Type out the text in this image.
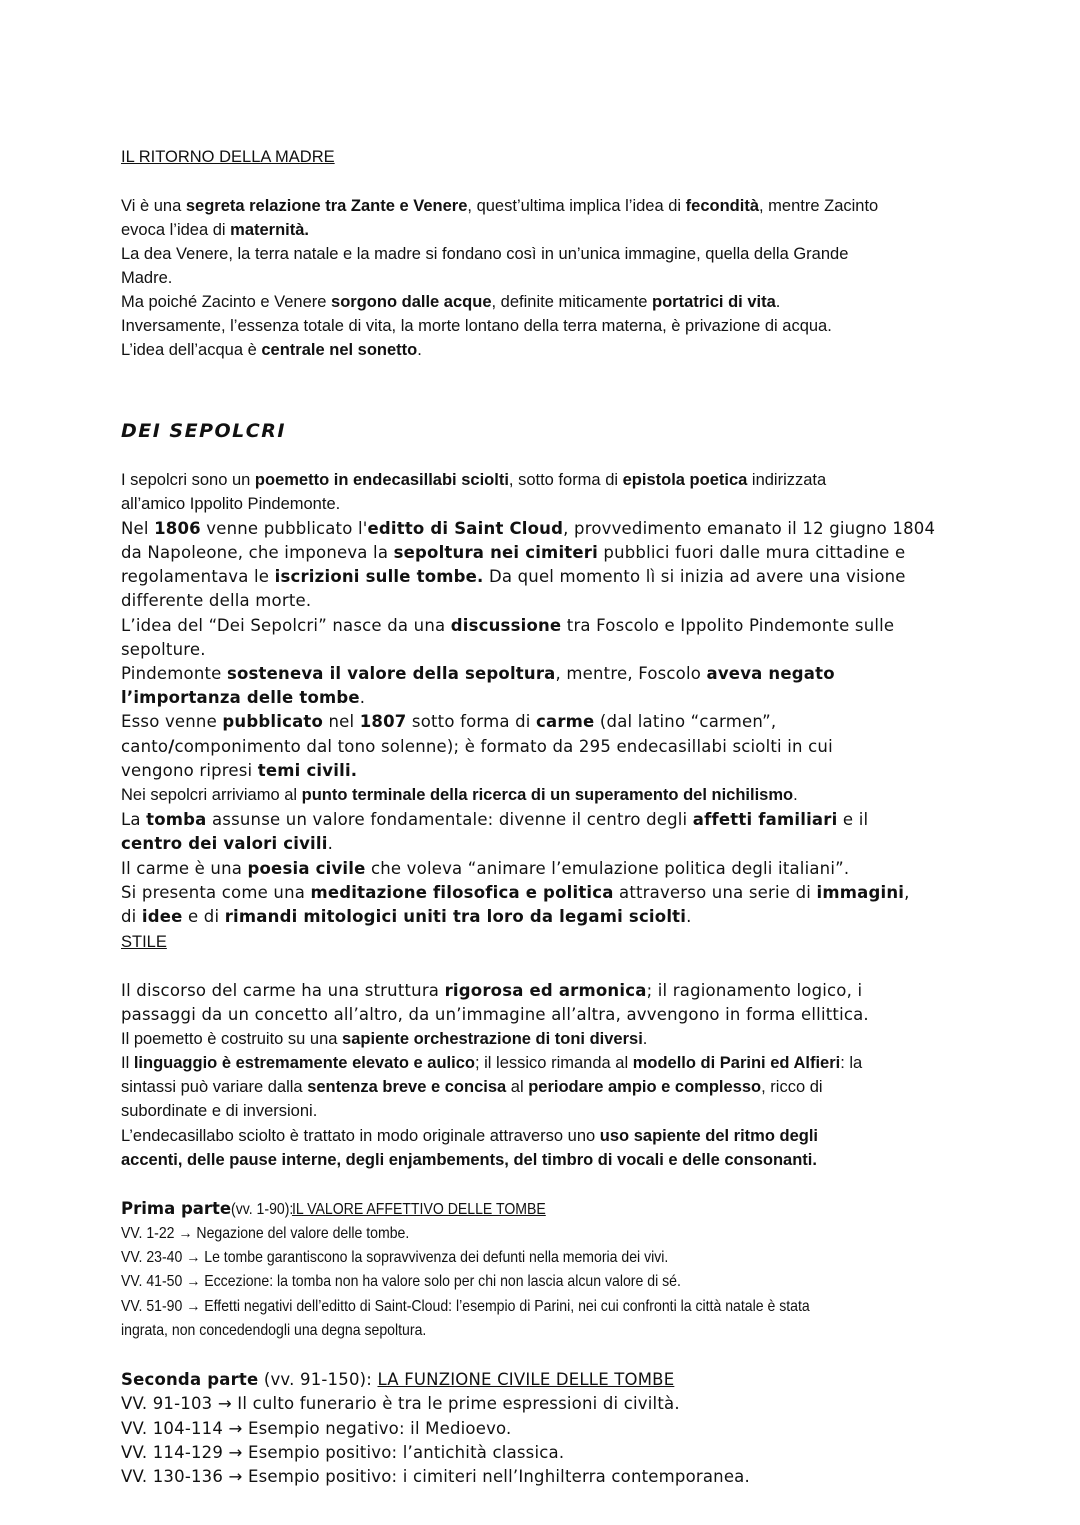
IL RITORNO DELLA MADRE
Vi è una segreta relazione tra Zante e Venere, quest’ultima implica l’idea di fecondità, mentre Zacinto
evoca l’idea di maternità.
La dea Venere, la terra natale e la madre si fondano così in un’unica immagine, quella della Grande
Madre.
Ma poiché Zacinto e Venere sorgono dalle acque, definite miticamente portatrici di vita.
Inversamente, l’essenza totale di vita, la morte lontano della terra materna, è privazione di acqua.
L’idea dell’acqua è centrale nel sonetto.
DEI SEPOLCRI
I sepolcri sono un poemetto in endecasillabi sciolti, sotto forma di epistola poetica indirizzata
all’amico Ippolito Pindemonte.
Nel 1806 venne pubblicato l'editto di Saint Cloud, provvedimento emanato il 12 giugno 1804
da Napoleone, che imponeva la sepoltura nei cimiteri pubblici fuori dalle mura cittadine e
regolamentava le iscrizioni sulle tombe. Da quel momento lì si inizia ad avere una visione
differente della morte.
L’idea del “Dei Sepolcri” nasce da una discussione tra Foscolo e Ippolito Pindemonte sulle
sepolture.
Pindemonte sosteneva il valore della sepoltura, mentre, Foscolo aveva negato
l’importanza delle tombe.
Esso venne pubblicato nel 1807 sotto forma di carme (dal latino “carmen”,
canto/componimento dal tono solenne); è formato da 295 endecasillabi sciolti in cui
vengono ripresi temi civili.
Nei sepolcri arriviamo al punto terminale della ricerca di un superamento del nichilismo.
La tomba assunse un valore fondamentale: divenne il centro degli affetti familiari e il
centro dei valori civili.
Il carme è una poesia civile che voleva “animare l’emulazione politica degli italiani”.
Si presenta come una meditazione filosofica e politica attraverso una serie di immagini,
di idee e di rimandi mitologici uniti tra loro da legami sciolti.
STILE
Il discorso del carme ha una struttura rigorosa ed armonica; il ragionamento logico, i
passaggi da un concetto all’altro, da un’immagine all’altra, avvengono in forma ellittica.
Il poemetto è costruito su una sapiente orchestrazione di toni diversi.
Il linguaggio è estremamente elevato e aulico; il lessico rimanda al modello di Parini ed Alfieri: la
sintassi può variare dalla sentenza breve e concisa al periodare ampio e complesso, ricco di
subordinate e di inversioni.
L’endecasillabo sciolto è trattato in modo originale attraverso uno uso sapiente del ritmo degli
accenti, delle pause interne, degli enjambements, del timbro di vocali e delle consonanti.
Prima parte(vv. 1-90):IL VALORE AFFETTIVO DELLE TOMBE
VV. 1-22 → Negazione del valore delle tombe.
VV. 23-40 → Le tombe garantiscono la sopravvivenza dei defunti nella memoria dei vivi.
VV. 41-50 → Eccezione: la tomba non ha valore solo per chi non lascia alcun valore di sé.
VV. 51-90 → Effetti negativi dell’editto di Saint-Cloud: l’esempio di Parini, nei cui confronti la città natale è stata
ingrata, non concedendogli una degna sepoltura.
Seconda parte (vv. 91-150): LA FUNZIONE CIVILE DELLE TOMBE
VV. 91-103 → Il culto funerario è tra le prime espressioni di civiltà.
VV. 104-114 → Esempio negativo: il Medioevo.
VV. 114-129 → Esempio positivo: l’antichità classica.
VV. 130-136 → Esempio positivo: i cimiteri nell’Inghilterra contemporanea.
